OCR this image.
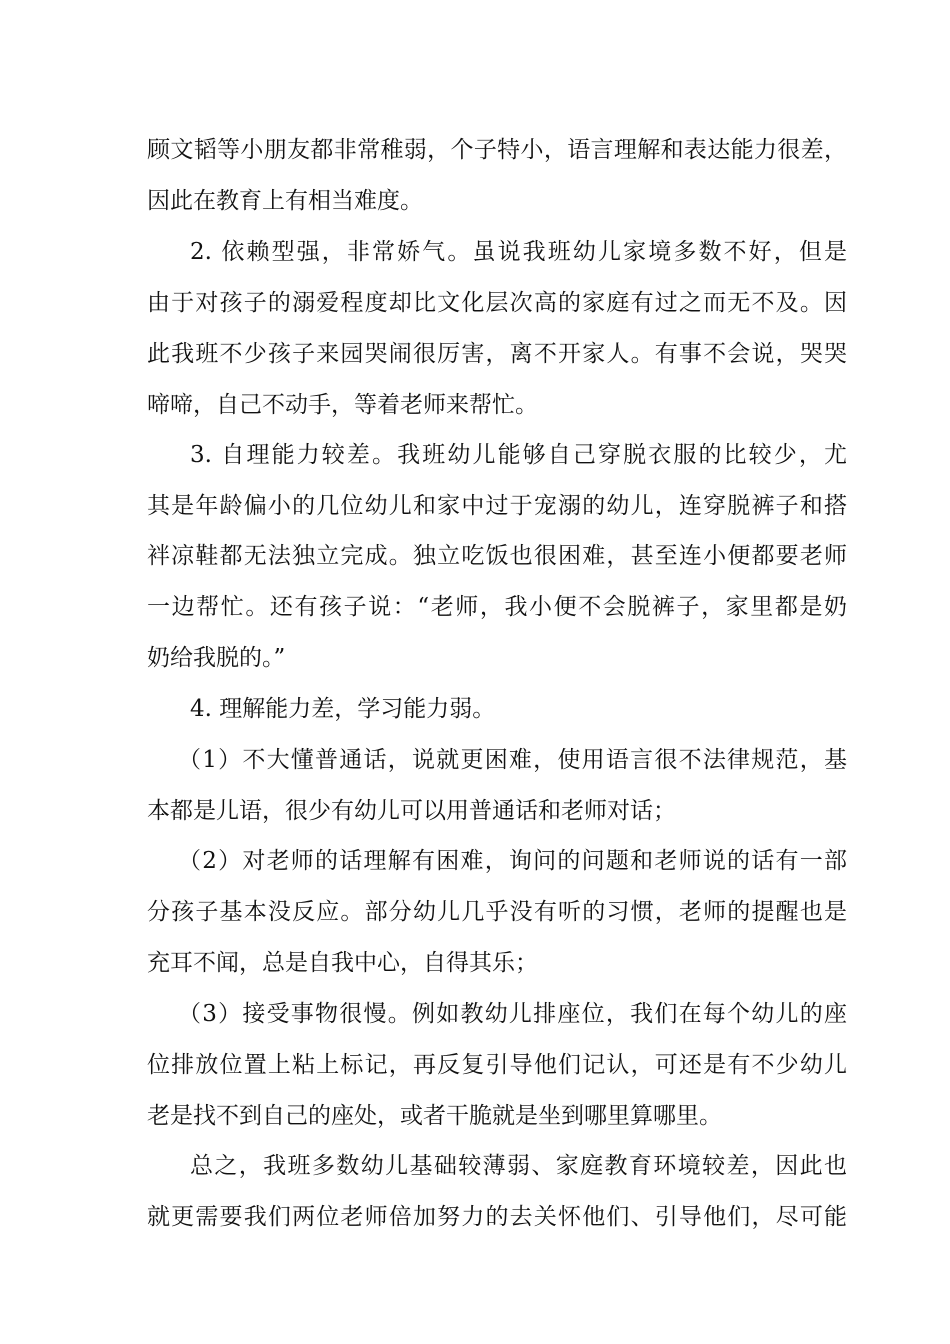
顾文韬等小朋友都非常稚弱，个子特小，语言理解和表达能力很差，
因此在教育上有相当难度。
2. 依赖型强，非常娇气。虽说我班幼儿家境多数不好，但是
由于对孩子的溺爱程度却比文化层次高的家庭有过之而无不及。因
此我班不少孩子来园哭闹很厉害，离不开家人。有事不会说，哭哭
啼啼，自己不动手，等着老师来帮忙。
3. 自理能力较差。我班幼儿能够自己穿脱衣服的比较少，尤
其是年龄偏小的几位幼儿和家中过于宠溺的幼儿，连穿脱裤子和搭
袢凉鞋都无法独立完成。独立吃饭也很困难，甚至连小便都要老师
一边帮忙。还有孩子说：“老师，我小便不会脱裤子，家里都是奶
奶给我脱的。”
4. 理解能力差，学习能力弱。
（1）不大懂普通话，说就更困难，使用语言很不法律规范，基
本都是儿语，很少有幼儿可以用普通话和老师对话；
（2）对老师的话理解有困难，询问的问题和老师说的话有一部
分孩子基本没反应。部分幼儿几乎没有听的习惯，老师的提醒也是
充耳不闻，总是自我中心，自得其乐；
（3）接受事物很慢。例如教幼儿排座位，我们在每个幼儿的座
位排放位置上粘上标记，再反复引导他们记认，可还是有不少幼儿
老是找不到自己的座处，或者干脆就是坐到哪里算哪里。
总之，我班多数幼儿基础较薄弱、家庭教育环境较差，因此也
就更需要我们两位老师倍加努力的去关怀他们、引导他们，尽可能
